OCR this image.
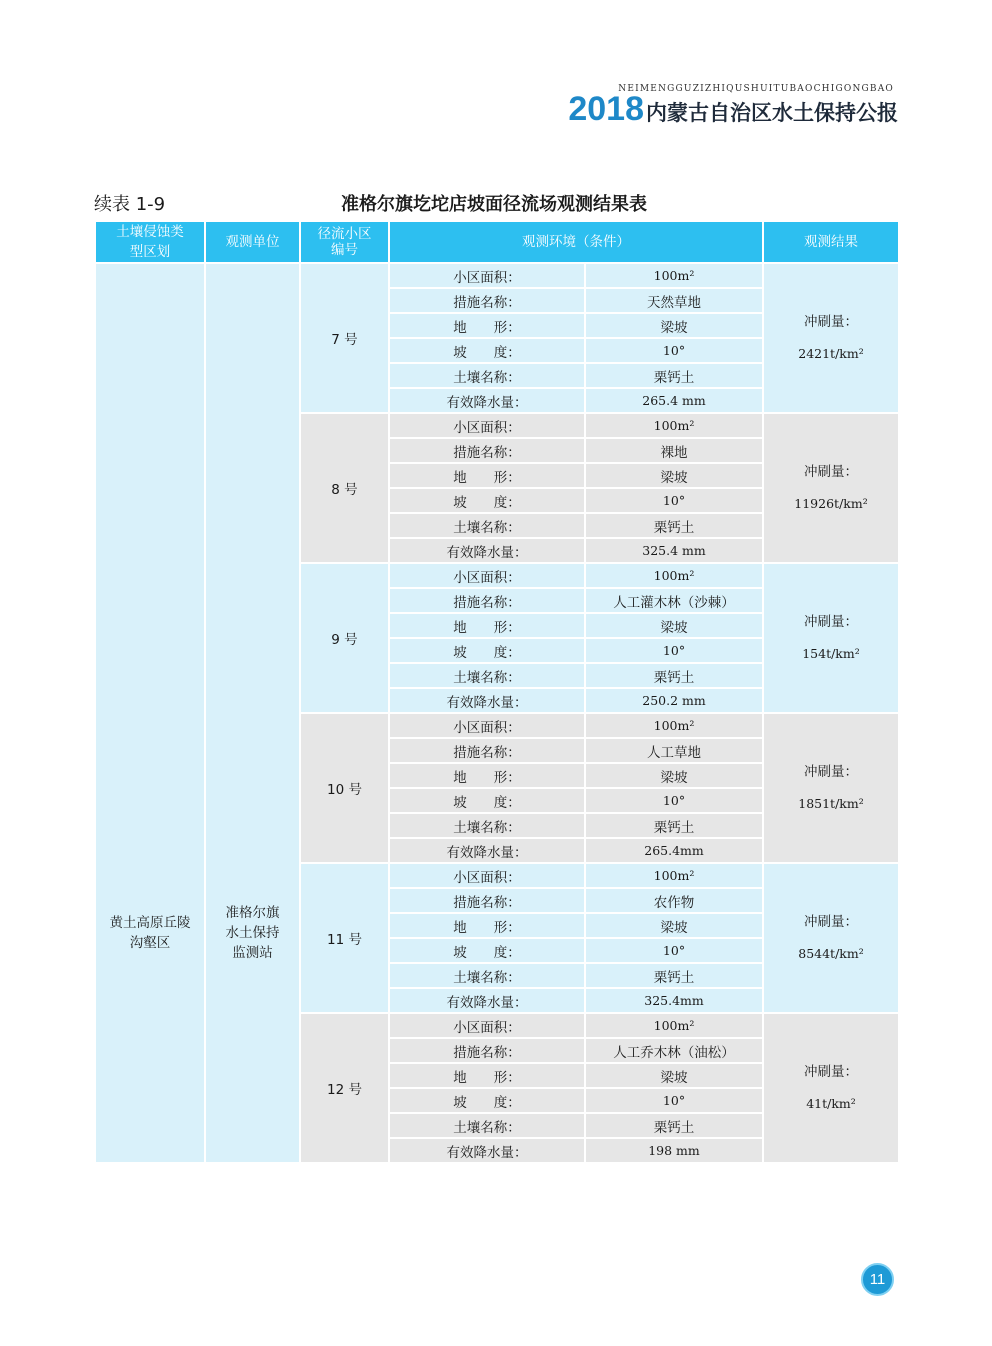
NEIMENGGUZIZHIQUSHUITUBAOCHIGONGBAO
2018内蒙古自治区水土保持公报
续表 1-9	准格尔旗圪坨店坡面径流场观测结果表
土壤侵蚀类型区划	观测单位	径流小区编号	观测环境（条件）		观测结果
黄土高原丘陵沟壑区	准格尔旗水土保持监测站	7 号	小区面积：	100m²	冲刷量：
2421t/km²

			措施名称：	天然草地	
			地　　形：	梁坡	
			坡　　度：	10°	
			土壤名称：	栗钙土	
			有效降水量：	265.4 mm	
		8 号	小区面积：	100m²	冲刷量：
11926t/km²

			措施名称：	裸地	
			地　　形：	梁坡	
			坡　　度：	10°	
			土壤名称：	栗钙土	
			有效降水量：	325.4 mm	
		9 号	小区面积：	100m²	冲刷量：
154t/km²

			措施名称：	人工灌木林（沙棘）	
			地　　形：	梁坡	
			坡　　度：	10°	
			土壤名称：	栗钙土	
			有效降水量：	250.2 mm	
		10 号	小区面积：	100m²	冲刷量：
1851t/km²

			措施名称：	人工草地	
			地　　形：	梁坡	
			坡　　度：	10°	
			土壤名称：	栗钙土	
			有效降水量：	265.4mm	
		11 号	小区面积：	100m²	冲刷量：
8544t/km²

			措施名称：	农作物	
			地　　形：	梁坡	
			坡　　度：	10°	
			土壤名称：	栗钙土	
			有效降水量：	325.4mm	
		12 号	小区面积：	100m²	冲刷量：
41t/km²

			措施名称：	人工乔木林（油松）	
			地　　形：	梁坡	
			坡　　度：	10°	
			土壤名称：	栗钙土	
			有效降水量：	198 mm	
11
